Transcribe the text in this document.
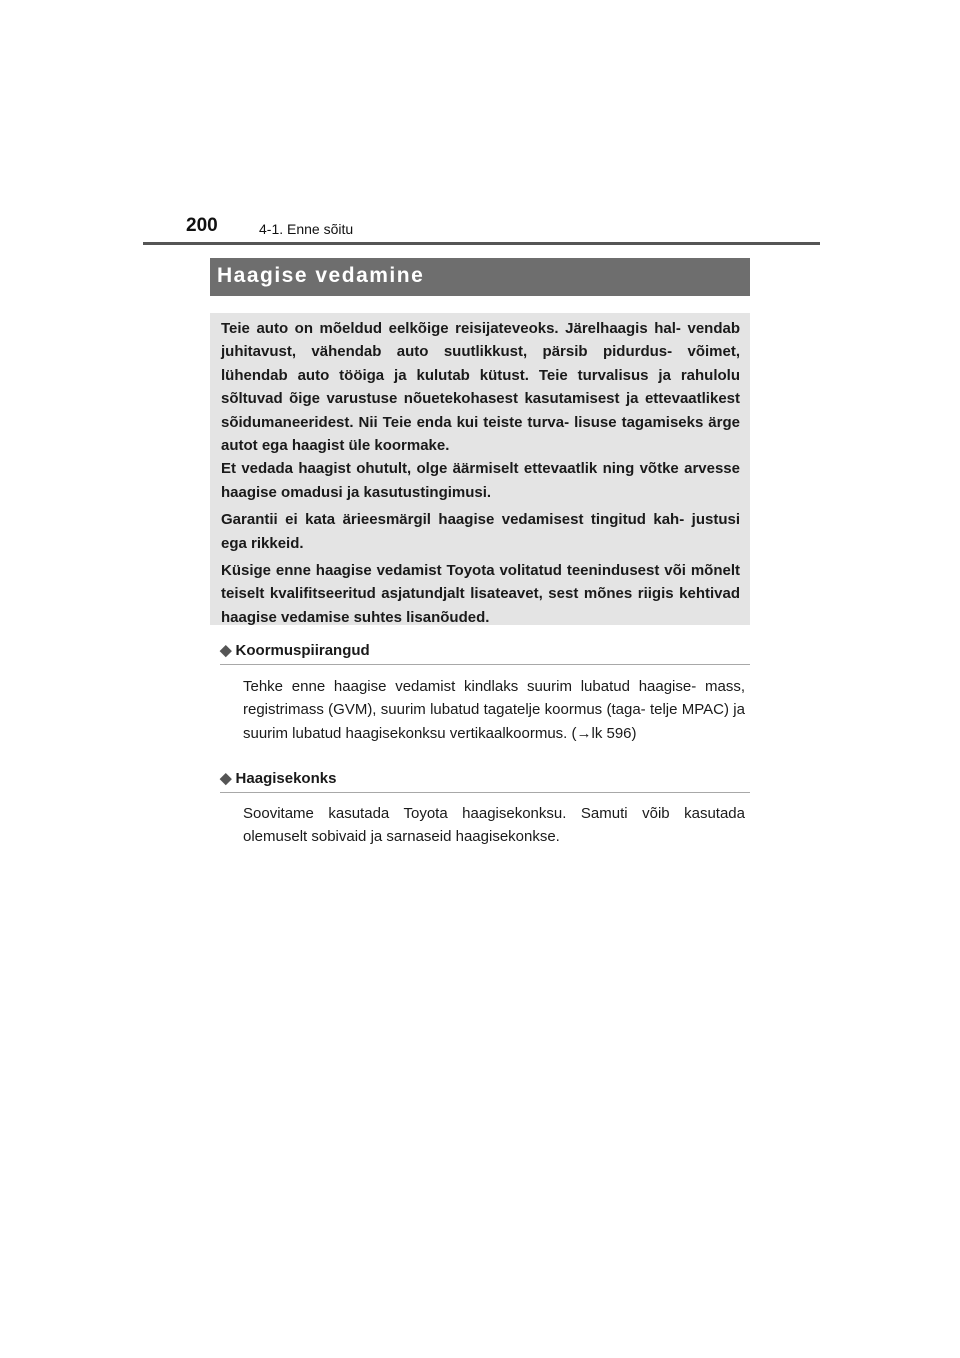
200	4-1. Enne sõitu
Haagise vedamine

Teie auto on mõeldud eelkõige reisijateveoks. Järelhaagis hal- vendab juhitavust, vähendab auto suutlikkust, pärsib pidurdus- võimet, lühendab auto tööiga ja kulutab kütust. Teie turvalisus ja rahulolu sõltuvad õige varustuse nõuetekohasest kasutamisest ja ettevaatlikest sõidumaneeridest. Nii Teie enda kui teiste turva- lisuse tagamiseks ärge autot ega haagist üle koormake.

Et vedada haagist ohutult, olge äärmiselt ettevaatlik ning võtke arvesse haagise omadusi ja kasutustingimusi.

Garantii ei kata ärieesmärgil haagise vedamisest tingitud kah- justusi ega rikkeid.

Küsige enne haagise vedamist Toyota volitatud teenindusest või mõnelt teiselt kvalifitseeritud asjatundjalt lisateavet, sest mõnes riigis kehtivad haagise vedamise suhtes lisanõuded.

◆ Koormuspiirangud

Tehke enne haagise vedamist kindlaks suurim lubatud haagise- mass, registrimass (GVM), suurim lubatud tagatelje koormus (taga- telje MPAC) ja suurim lubatud haagisekonksu vertikaalkoormus. (→lk 596)

◆ Haagisekonks

Soovitame kasutada Toyota haagisekonksu. Samuti võib kasutada olemuselt sobivaid ja sarnaseid haagisekonkse.
